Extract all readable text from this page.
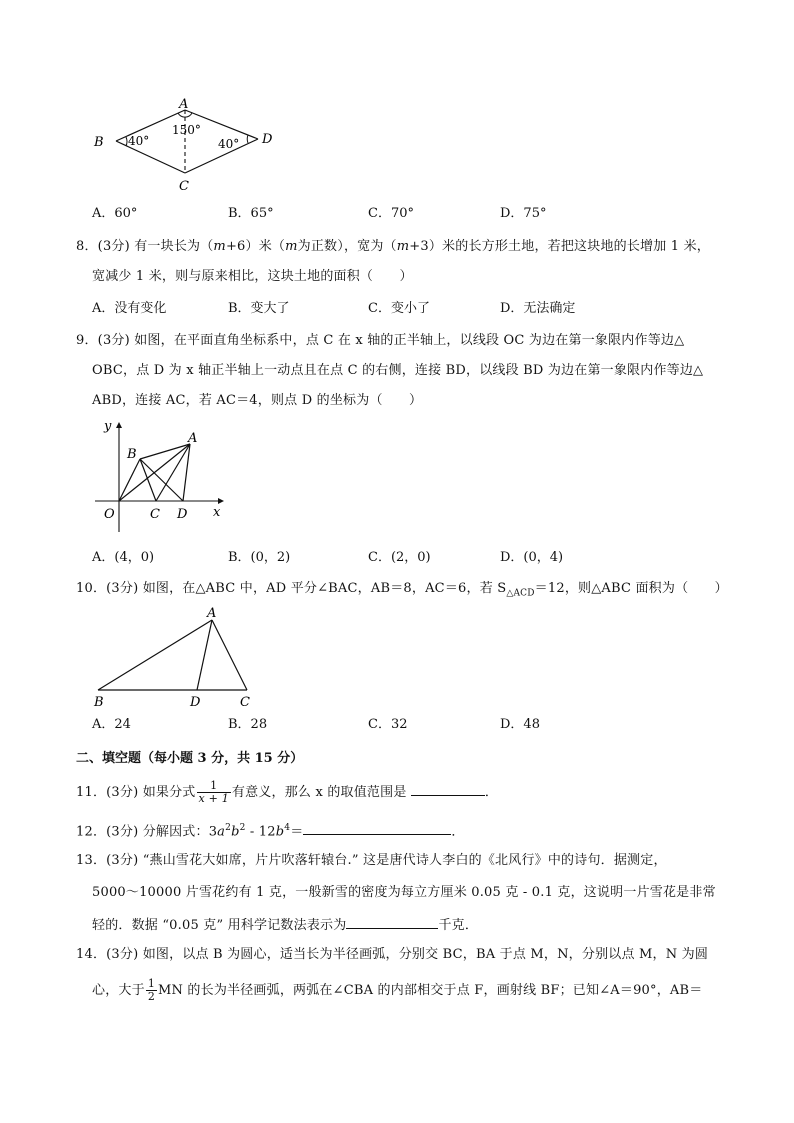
A
B
C
D
40°
150°
40°
A．60°	B．65°	C．70°	D．75°
8．(3分) 有一块长为（m+6）米（m为正数），宽为（m+3）米的长方形土地，若把这块地的长增加 1 米，
宽减少 1 米，则与原来相比，这块土地的面积（　　）
A．没有变化	B．变大了	C．变小了	D．无法确定
9．(3分) 如图，在平面直角坐标系中，点 C 在 x 轴的正半轴上，以线段 OC 为边在第一象限内作等边△
OBC，点 D 为 x 轴正半轴上一动点且在点 C 的右侧，连接 BD，以线段 BD 为边在第一象限内作等边△
ABD，连接 AC，若 AC＝4，则点 D 的坐标为（　　）
y
x
O
A
B
C D
A．(4，0)	B．(0，2)	C．(2，0)	D．(0，4)
10．(3分) 如图，在△ABC 中，AD 平分∠BAC，AB＝8，AC＝6，若 $S_{\triangle ACD}=12$，则△ABC 面积为（　　）
A
B	C
D
A．24	B．28	C．32	D．48
二、填空题（每小题 3 分，共 15 分）
11．(3分) 如果分式 $\frac{1}{x + 1}$ 有意义，那么 x 的取值范围是	．
12．(3分) 分解因式：$3a^2b^2 - 12b^4=$	．
13．(3分) “燕山雪花大如席，片片吹落轩辕台.” 这是唐代诗人李白的《北风行》中的诗句．据测定，
5000～10000 片雪花约有 1 克，一般新雪的密度为每立方厘米 0.05 克 - 0.1 克，这说明一片雪花是非常
轻的．数据 “0.05 克” 用科学记数法表示为	千克．
14．(3分) 如图，以点 B 为圆心，适当长为半径画弧，分别交 BC，BA 于点 M，N，分别以点 M，N 为圆
心，大于 $\frac{1}{2}$ MN 的长为半径画弧，两弧在∠CBA 的内部相交于点 F，画射线 BF；已知∠A＝90°，AB＝
